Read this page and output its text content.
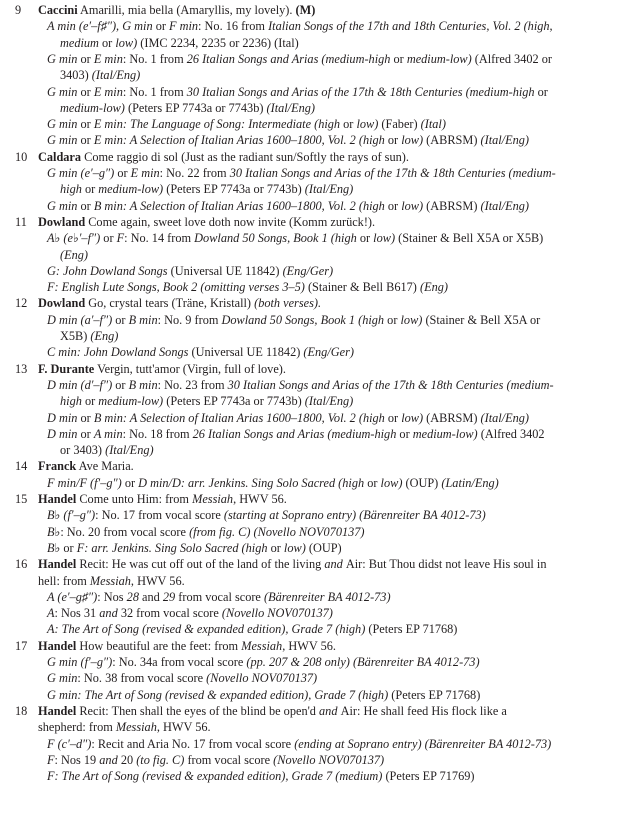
9 Caccini Amarilli, mia bella (Amaryllis, my lovely). (M)
A min (e′–f♯″), G min or F min: No. 16 from Italian Songs of the 17th and 18th Centuries, Vol. 2 (high,
medium or low) (IMC 2234, 2235 or 2236) (Ital)
G min or E min: No. 1 from 26 Italian Songs and Arias (medium-high or medium-low) (Alfred 3402 or
3403) (Ital/Eng)
G min or E min: No. 1 from 30 Italian Songs and Arias of the 17th & 18th Centuries (medium-high or
medium-low) (Peters EP 7743a or 7743b) (Ital/Eng)
G min or E min: The Language of Song: Intermediate (high or low) (Faber) (Ital)
G min or E min: A Selection of Italian Arias 1600–1800, Vol. 2 (high or low) (ABRSM) (Ital/Eng)
10 Caldara Come raggio di sol (Just as the radiant sun/Softly the rays of sun).
G min (e′–g″) or E min: No. 22 from 30 Italian Songs and Arias of the 17th & 18th Centuries (medium-
high or medium-low) (Peters EP 7743a or 7743b) (Ital/Eng)
G min or B min: A Selection of Italian Arias 1600–1800, Vol. 2 (high or low) (ABRSM) (Ital/Eng)
11 Dowland Come again, sweet love doth now invite (Komm zurück!).
A♭ (e♭′–f″) or F: No. 14 from Dowland 50 Songs, Book 1 (high or low) (Stainer & Bell X5A or X5B)
(Eng)
G: John Dowland Songs (Universal UE 11842) (Eng/Ger)
F: English Lute Songs, Book 2 (omitting verses 3–5) (Stainer & Bell B617) (Eng)
12 Dowland Go, crystal tears (Träne, Kristall) (both verses).
D min (a′–f″) or B min: No. 9 from Dowland 50 Songs, Book 1 (high or low) (Stainer & Bell X5A or
X5B) (Eng)
C min: John Dowland Songs (Universal UE 11842) (Eng/Ger)
13 F. Durante Vergin, tutt'amor (Virgin, full of love).
D min (d′–f″) or B min: No. 23 from 30 Italian Songs and Arias of the 17th & 18th Centuries (medium-
high or medium-low) (Peters EP 7743a or 7743b) (Ital/Eng)
D min or B min: A Selection of Italian Arias 1600–1800, Vol. 2 (high or low) (ABRSM) (Ital/Eng)
D min or A min: No. 18 from 26 Italian Songs and Arias (medium-high or medium-low) (Alfred 3402
or 3403) (Ital/Eng)
14 Franck Ave Maria.
F min/F (f′–g″) or D min/D: arr. Jenkins. Sing Solo Sacred (high or low) (OUP) (Latin/Eng)
15 Handel Come unto Him: from Messiah, HWV 56.
B♭ (f′–g″): No. 17 from vocal score (starting at Soprano entry) (Bärenreiter BA 4012-73)
B♭: No. 20 from vocal score (from fig. C) (Novello NOV070137)
B♭ or F: arr. Jenkins. Sing Solo Sacred (high or low) (OUP)
16 Handel Recit: He was cut off out of the land of the living and Air: But Thou didst not leave His soul in
hell: from Messiah, HWV 56.
A (e′–g♯″): Nos 28 and 29 from vocal score (Bärenreiter BA 4012-73)
A: Nos 31 and 32 from vocal score (Novello NOV070137)
A: The Art of Song (revised & expanded edition), Grade 7 (high) (Peters EP 71768)
17 Handel How beautiful are the feet: from Messiah, HWV 56.
G min (f′–g″): No. 34a from vocal score (pp. 207 & 208 only) (Bärenreiter BA 4012-73)
G min: No. 38 from vocal score (Novello NOV070137)
G min: The Art of Song (revised & expanded edition), Grade 7 (high) (Peters EP 71768)
18 Handel Recit: Then shall the eyes of the blind be open'd and Air: He shall feed His flock like a
shepherd: from Messiah, HWV 56.
F (c′–d″): Recit and Aria No. 17 from vocal score (ending at Soprano entry) (Bärenreiter BA 4012-73)
F: Nos 19 and 20 (to fig. C) from vocal score (Novello NOV070137)
F: The Art of Song (revised & expanded edition), Grade 7 (medium) (Peters EP 71769)
